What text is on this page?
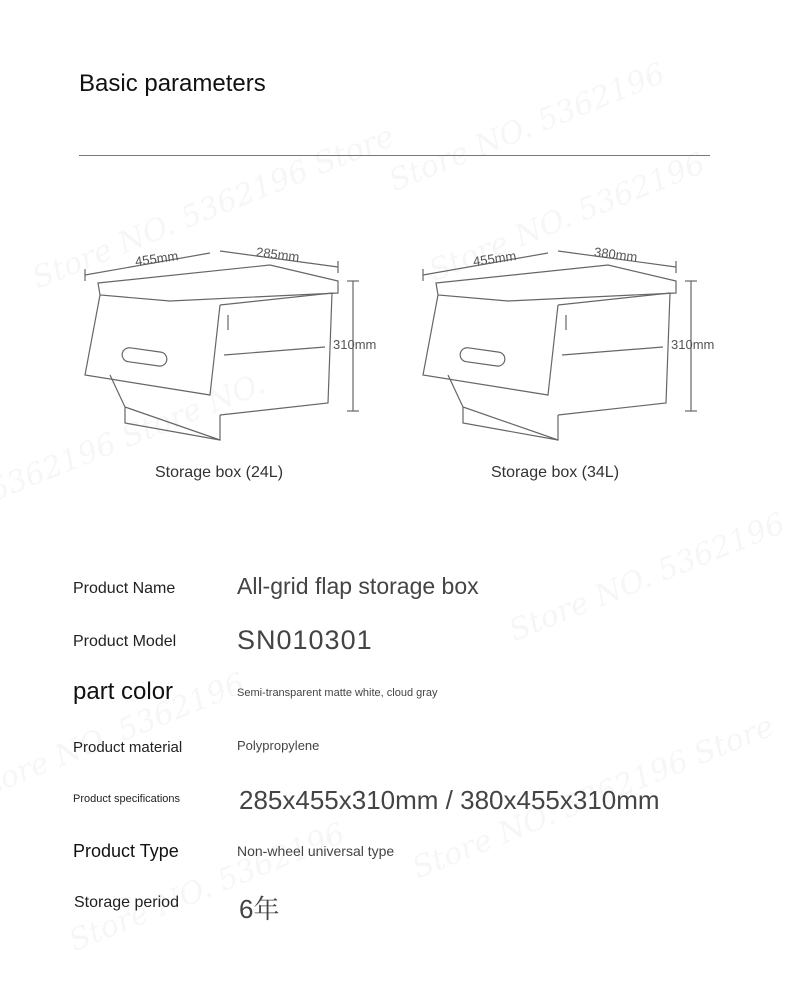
Basic parameters
455mm	285mm
310mm
Storage box (24L)
455mm	380mm
310mm
Storage box (34L)
Product Name	All-grid flap storage box
Product Model SN010301
part color	Semi-transparent matte white, cloud gray
Product material	Polypropylene
Product specifications 285x455x310mm / 380x455x310mm
Product Type	Non-wheel universal type
Storage period 6年
